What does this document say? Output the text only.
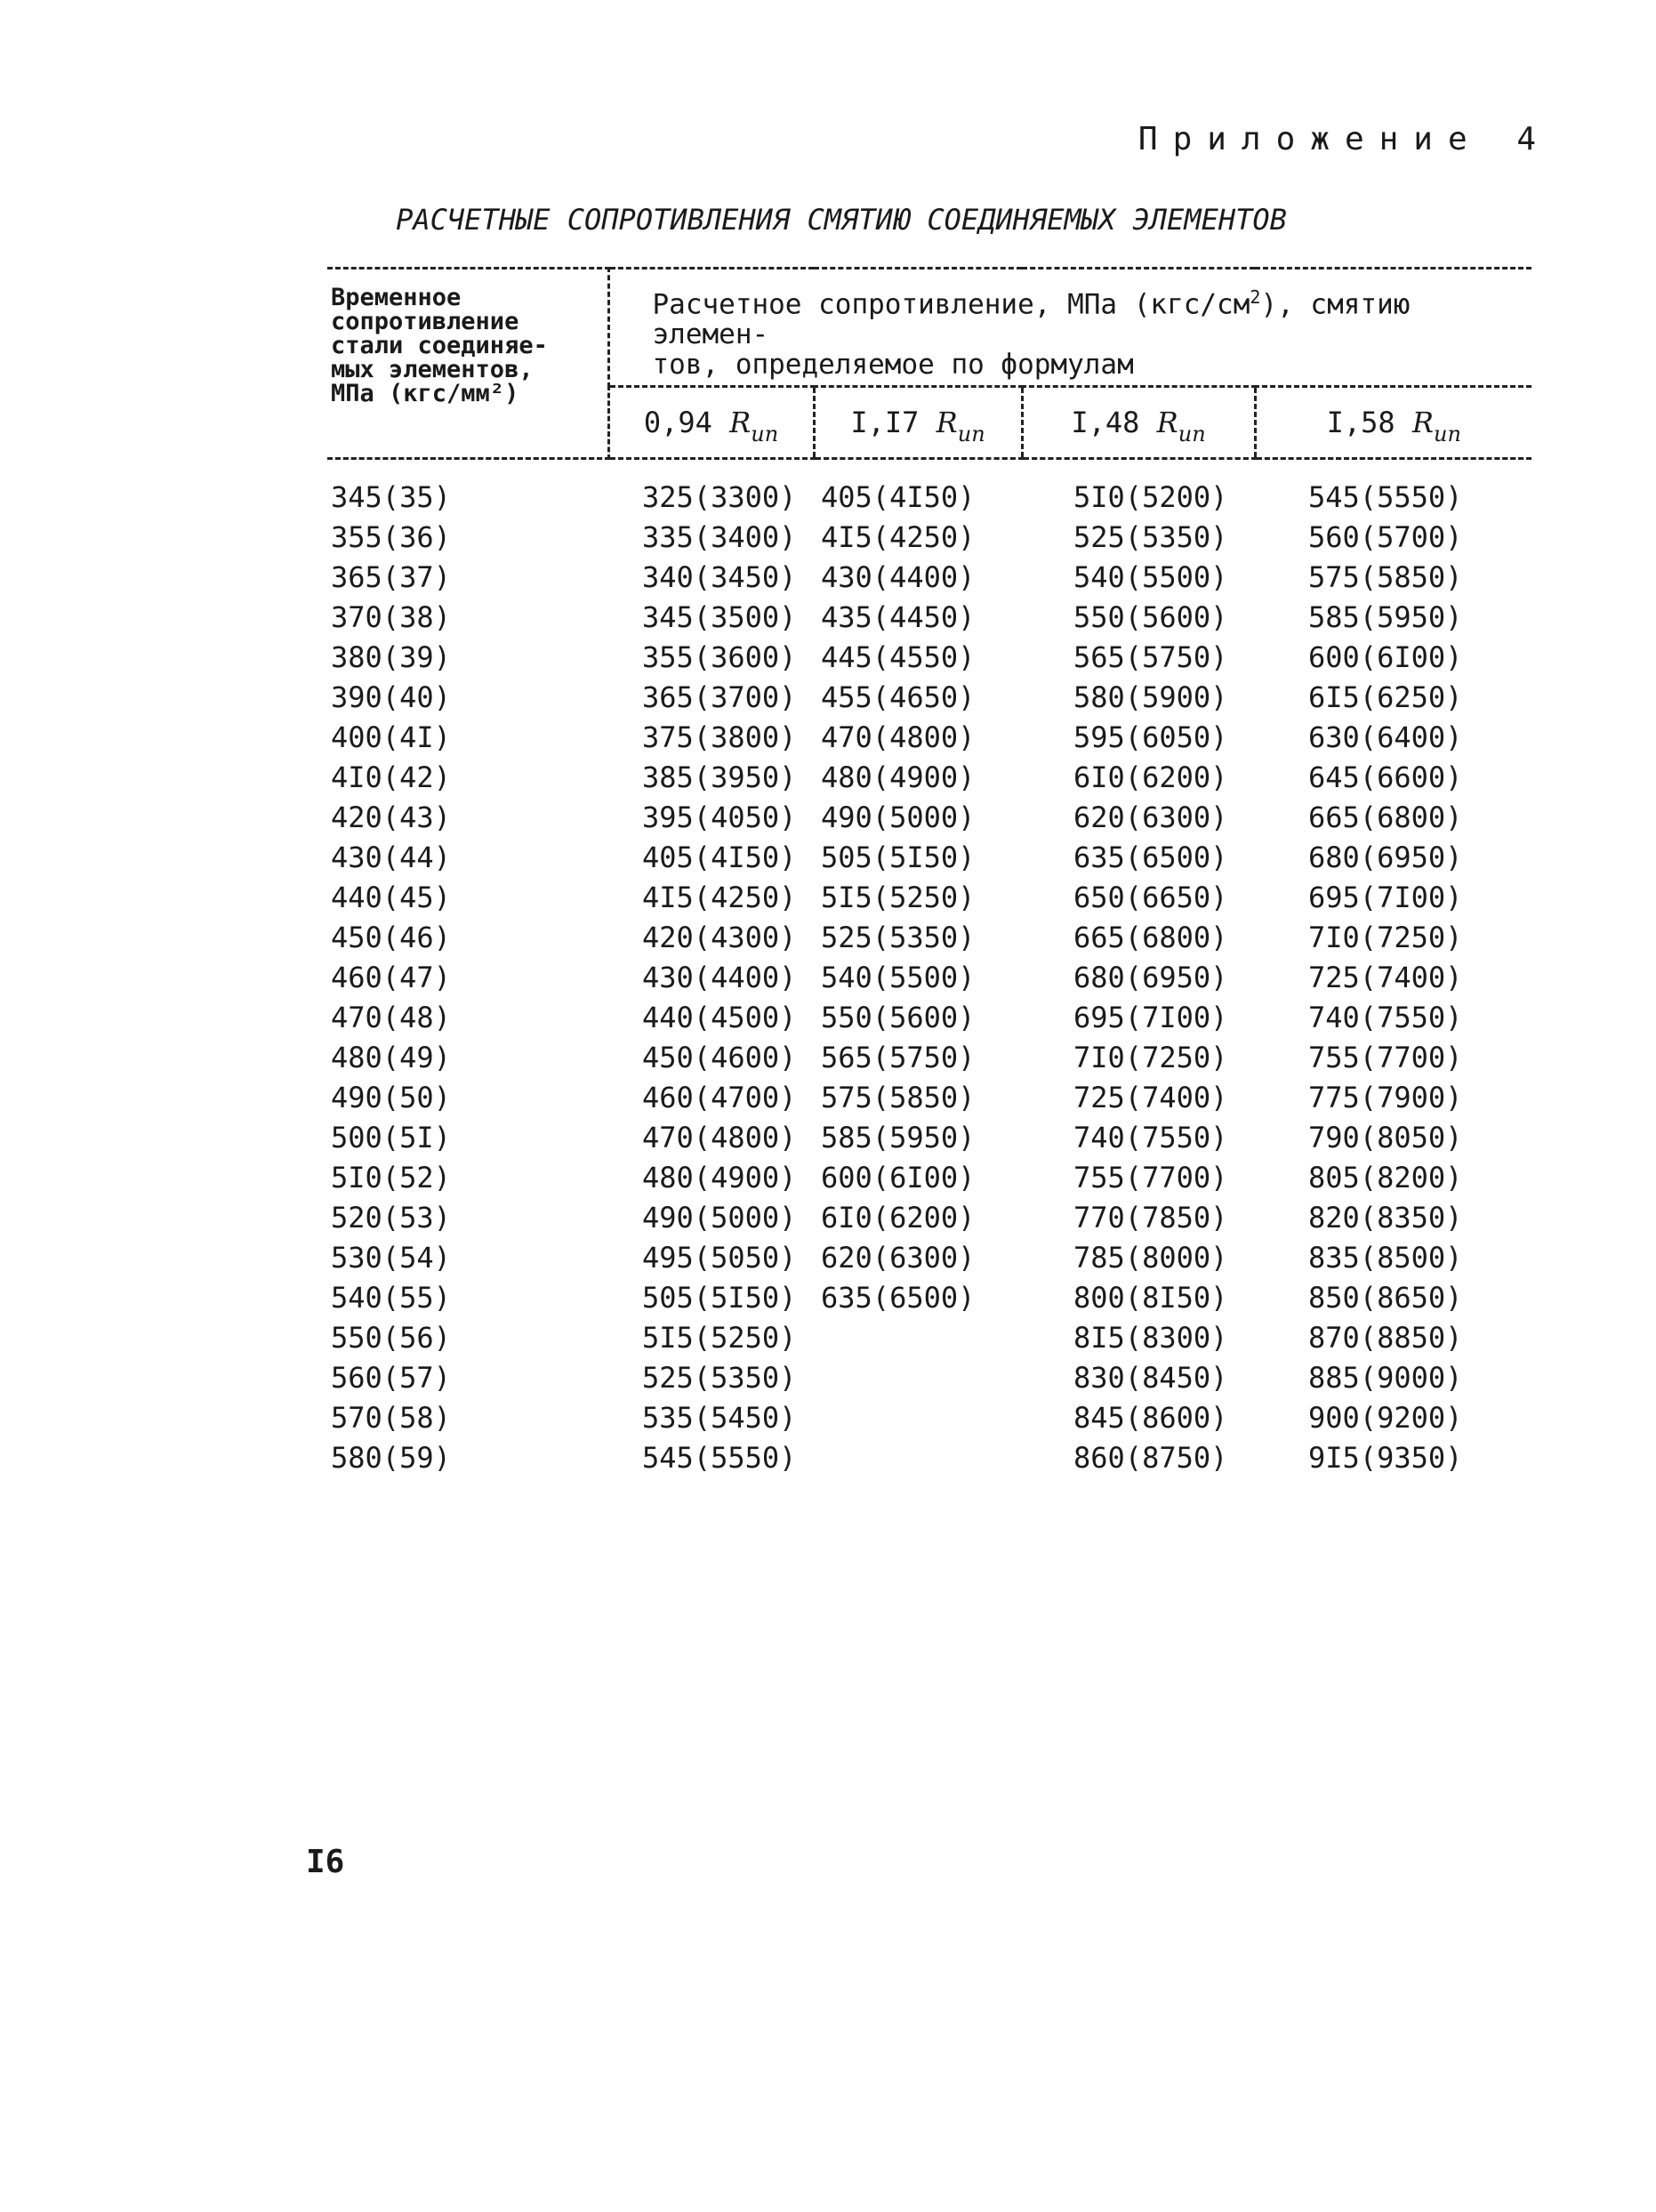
Приложение 4
РАСЧЕТНЫЕ СОПРОТИВЛЕНИЯ СМЯТИЮ СОЕДИНЯЕМЫХ ЭЛЕМЕНТОВ
Временное
сопротивление
стали соединяе-
мых элементов,
МПа (кгс/мм²)	Расчетное сопротивление, МПа $(кгс/см^2)$, смятию элемен-
тов, определяемое по формулам			
	0,94 $R_{un}$	I,I7 $R_{un}$	I,48 $R_{un}$	I,58 $R_{un}$
345(35)	325(3300)	405(4I50)	5I0(5200)	545(5550)
355(36)	335(3400)	4I5(4250)	525(5350)	560(5700)
365(37)	340(3450)	430(4400)	540(5500)	575(5850)
370(38)	345(3500)	435(4450)	550(5600)	585(5950)
380(39)	355(3600)	445(4550)	565(5750)	600(6I00)
390(40)	365(3700)	455(4650)	580(5900)	6I5(6250)
400(4I)	375(3800)	470(4800)	595(6050)	630(6400)
4I0(42)	385(3950)	480(4900)	6I0(6200)	645(6600)
420(43)	395(4050)	490(5000)	620(6300)	665(6800)
430(44)	405(4I50)	505(5I50)	635(6500)	680(6950)
440(45)	4I5(4250)	5I5(5250)	650(6650)	695(7I00)
450(46)	420(4300)	525(5350)	665(6800)	7I0(7250)
460(47)	430(4400)	540(5500)	680(6950)	725(7400)
470(48)	440(4500)	550(5600)	695(7I00)	740(7550)
480(49)	450(4600)	565(5750)	7I0(7250)	755(7700)
490(50)	460(4700)	575(5850)	725(7400)	775(7900)
500(5I)	470(4800)	585(5950)	740(7550)	790(8050)
5I0(52)	480(4900)	600(6I00)	755(7700)	805(8200)
520(53)	490(5000)	6I0(6200)	770(7850)	820(8350)
530(54)	495(5050)	620(6300)	785(8000)	835(8500)
540(55)	505(5I50)	635(6500)	800(8I50)	850(8650)
550(56)	5I5(5250)		8I5(8300)	870(8850)
560(57)	525(5350)		830(8450)	885(9000)
570(58)	535(5450)		845(8600)	900(9200)
580(59)	545(5550)		860(8750)	9I5(9350)
I6
